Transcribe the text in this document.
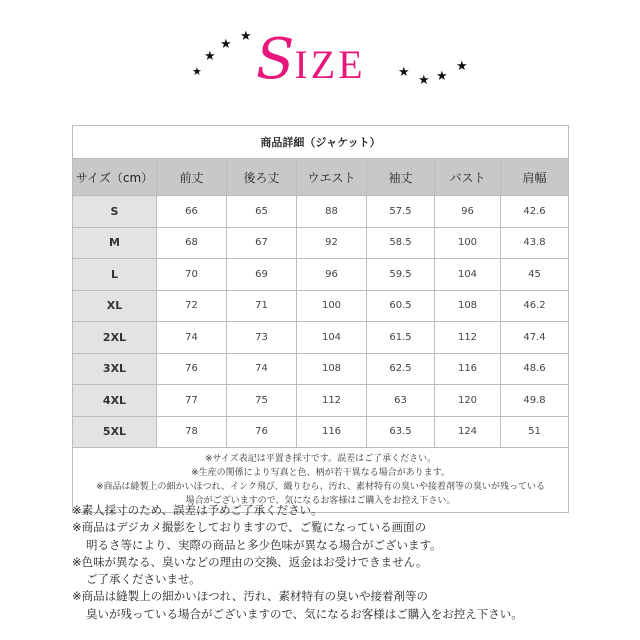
★
★
★
★ S IZE ★
★ ★
★
商品詳細（ジャケット）						
サイズ（cm）	前丈	後ろ丈	ウエスト	袖丈	バスト	肩幅
S	66	65	88	57.5	96	42.6
M	68	67	92	58.5	100	43.8
L	70	69	96	59.5	104	45
XL	72	71	100	60.5	108	46.2
2XL	74	73	104	61.5	112	47.4
3XL	76	74	108	62.5	116	48.6
4XL	77	75	112	63	120	49.8
5XL	78	76	116	63.5	124	51

※サイズ表記は平置き採寸です。誤差はご了承ください。
※生産の関係により写真と色、柄が若干異なる場合があります。
※商品は縫製上の細かいほつれ、インク飛び、織りむら、汚れ、素材特有の臭いや接着剤等の臭いが残っている
場合がございますので、気になるお客様はご購入をお控え下さい。						
※素人採寸のため、誤差は予めご了承ください。
※商品はデジカメ撮影をしておりますので、ご覧になっている画面の
明るさ等により、実際の商品と多少色味が異なる場合がございます。
※色味が異なる、臭いなどの理由の交換、返金はお受けできません。
ご了承くださいませ。
※商品は縫製上の細かいほつれ、汚れ、素材特有の臭いや接着剤等の
臭いが残っている場合がございますので、気になるお客様はご購入をお控え下さい。
